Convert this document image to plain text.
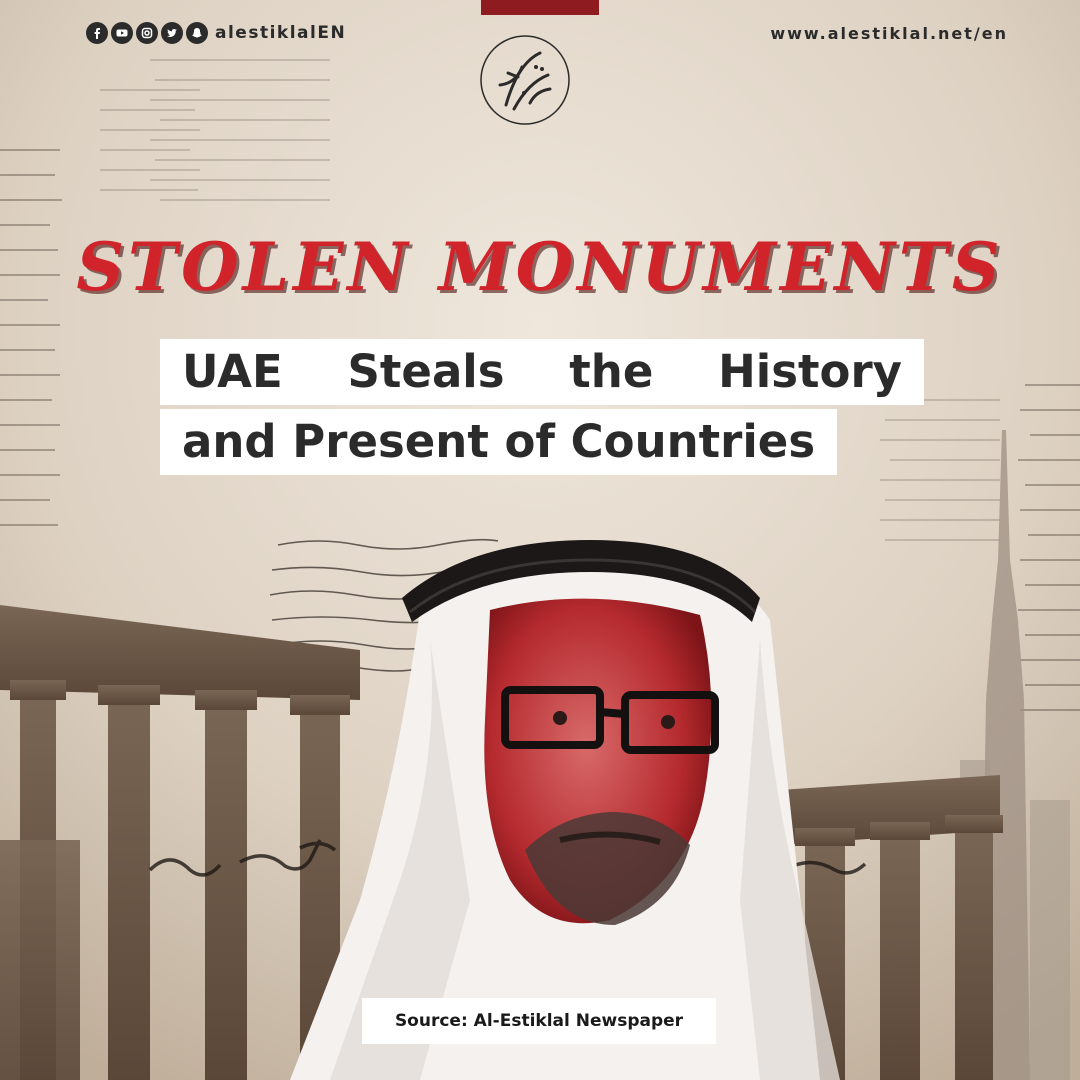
alestiklalEN	www.alestiklal.net/en
STOLEN MONUMENTS
UAE Steals the History
and Present of Countries
Source: Al-Estiklal Newspaper
